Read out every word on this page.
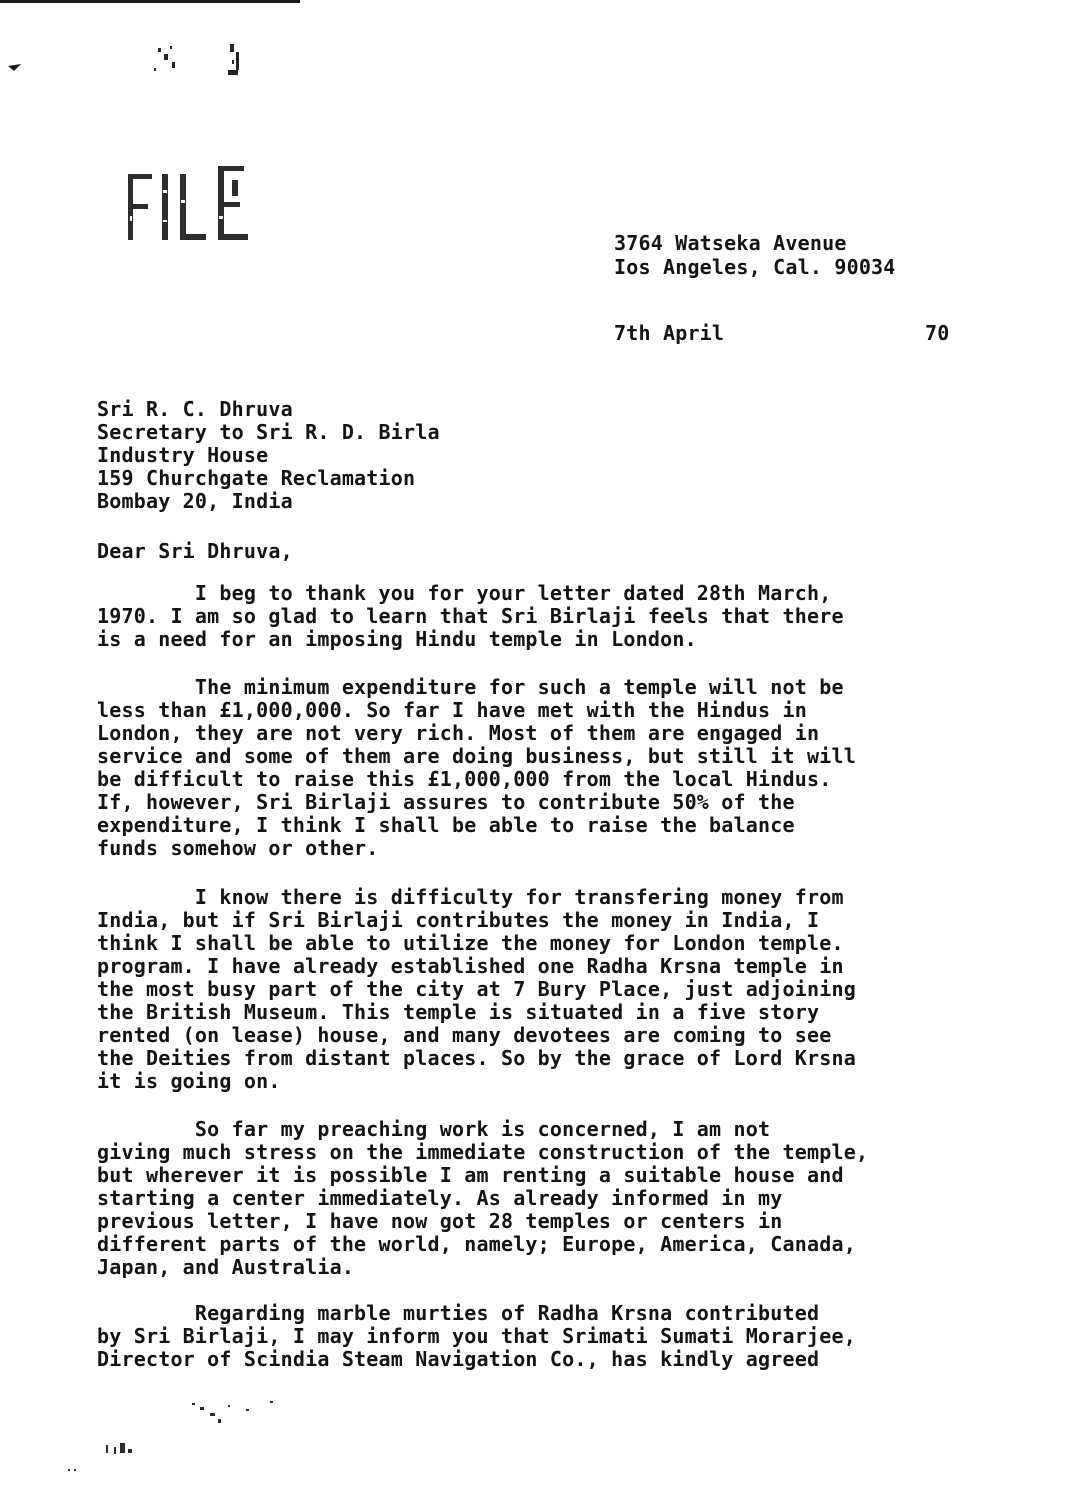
FILE
3764 Watseka Avenue
Ios Angeles, Cal. 90034
7th April	70
Sri R. C. Dhruva
Secretary to Sri R. D. Birla
Industry House
159 Churchgate Reclamation
Bombay 20, India
Dear Sri Dhruva,
I beg to thank you for your letter dated 28th March,
1970. I am so glad to learn that Sri Birlaji feels that there
is a need for an imposing Hindu temple in London.
The minimum expenditure for such a temple will not be
less than £1,000,000. So far I have met with the Hindus in
London, they are not very rich. Most of them are engaged in
service and some of them are doing business, but still it will
be difficult to raise this £1,000,000 from the local Hindus.
If, however, Sri Birlaji assures to contribute 50% of the
expenditure, I think I shall be able to raise the balance
funds somehow or other.
I know there is difficulty for transfering money from
India, but if Sri Birlaji contributes the money in India, I
think I shall be able to utilize the money for London temple.
program. I have already established one Radha Krsna temple in
the most busy part of the city at 7 Bury Place, just adjoining
the British Museum. This temple is situated in a five story
rented (on lease) house, and many devotees are coming to see
the Deities from distant places. So by the grace of Lord Krsna
it is going on.
So far my preaching work is concerned, I am not
giving much stress on the immediate construction of the temple,
but wherever it is possible I am renting a suitable house and
starting a center immediately. As already informed in my
previous letter, I have now got 28 temples or centers in
different parts of the world, namely; Europe, America, Canada,
Japan, and Australia.
Regarding marble murties of Radha Krsna contributed
by Sri Birlaji, I may inform you that Srimati Sumati Morarjee,
Director of Scindia Steam Navigation Co., has kindly agreed
